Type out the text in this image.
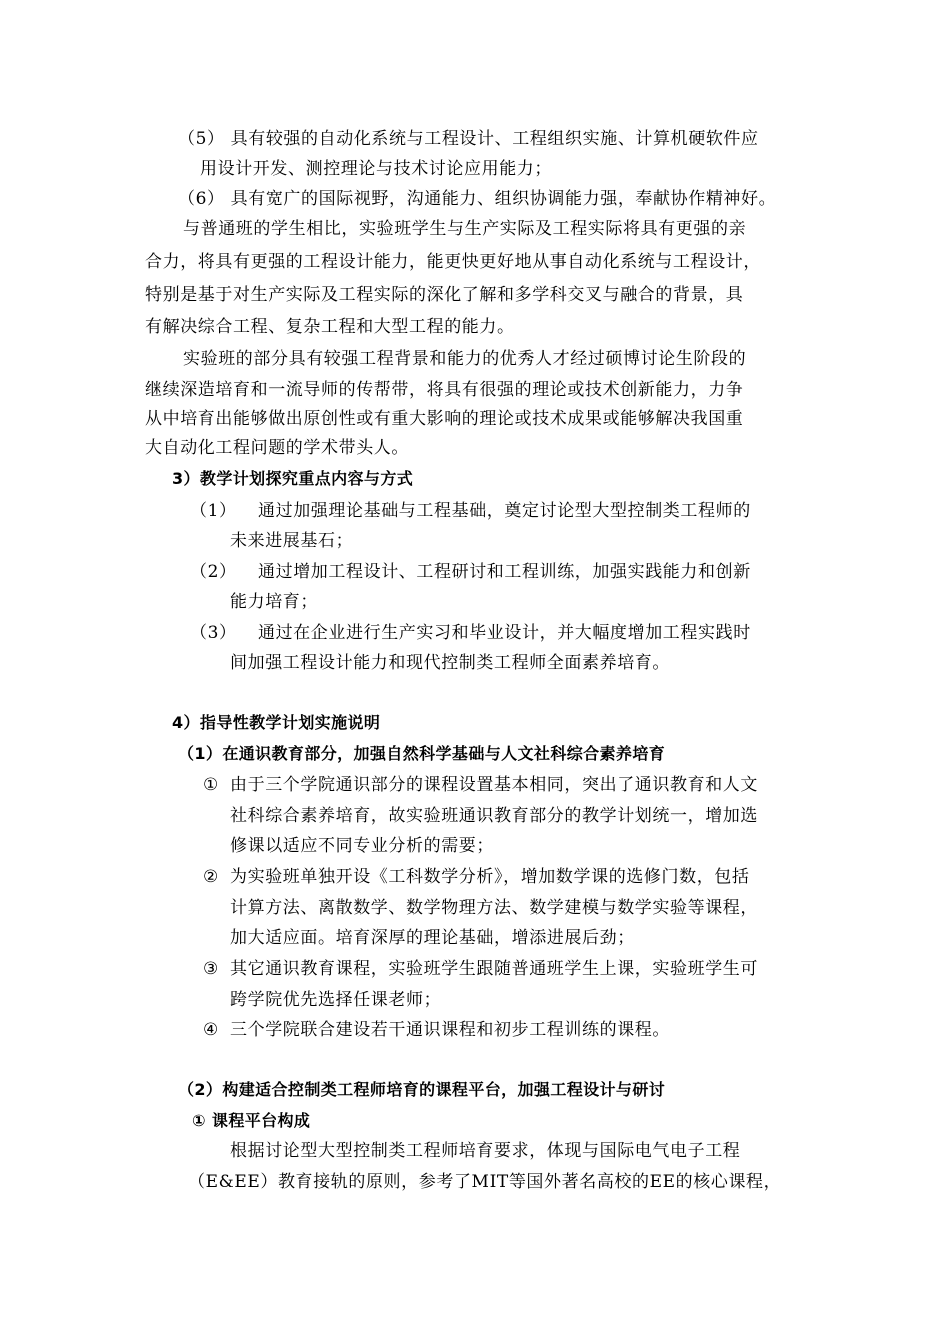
（5） 具有较强的自动化系统与工程设计、工程组织实施、计算机硬软件应
用设计开发、测控理论与技术讨论应用能力；
（6） 具有宽广的国际视野，沟通能力、组织协调能力强，奉献协作精神好。
与普通班的学生相比，实验班学生与生产实际及工程实际将具有更强的亲
合力，将具有更强的工程设计能力，能更快更好地从事自动化系统与工程设计，
特别是基于对生产实际及工程实际的深化了解和多学科交叉与融合的背景，具
有解决综合工程、复杂工程和大型工程的能力。
实验班的部分具有较强工程背景和能力的优秀人才经过硕博讨论生阶段的
继续深造培育和一流导师的传帮带，将具有很强的理论或技术创新能力，力争
从中培育出能够做出原创性或有重大影响的理论或技术成果或能够解决我国重
大自动化工程问题的学术带头人。
3）教学计划探究重点内容与方式
（1） 通过加强理论基础与工程基础，奠定讨论型大型控制类工程师的
未来进展基石；
（2） 通过增加工程设计、工程研讨和工程训练，加强实践能力和创新
能力培育；
（3） 通过在企业进行生产实习和毕业设计，并大幅度增加工程实践时
间加强工程设计能力和现代控制类工程师全面素养培育。
4）指导性教学计划实施说明
（1）在通识教育部分，加强自然科学基础与人文社科综合素养培育
① 由于三个学院通识部分的课程设置基本相同，突出了通识教育和人文
社科综合素养培育，故实验班通识教育部分的教学计划统一，增加选
修课以适应不同专业分析的需要；
② 为实验班单独开设《工科数学分析》，增加数学课的选修门数，包括
计算方法、离散数学、数学物理方法、数学建模与数学实验等课程，
加大适应面。培育深厚的理论基础，增添进展后劲；
③ 其它通识教育课程，实验班学生跟随普通班学生上课，实验班学生可
跨学院优先选择任课老师；
④ 三个学院联合建设若干通识课程和初步工程训练的课程。
（2）构建适合控制类工程师培育的课程平台，加强工程设计与研讨
① 课程平台构成
根据讨论型大型控制类工程师培育要求，体现与国际电气电子工程
（E&EE）教育接轨的原则，参考了MIT等国外著名高校的EE的核心课程，
